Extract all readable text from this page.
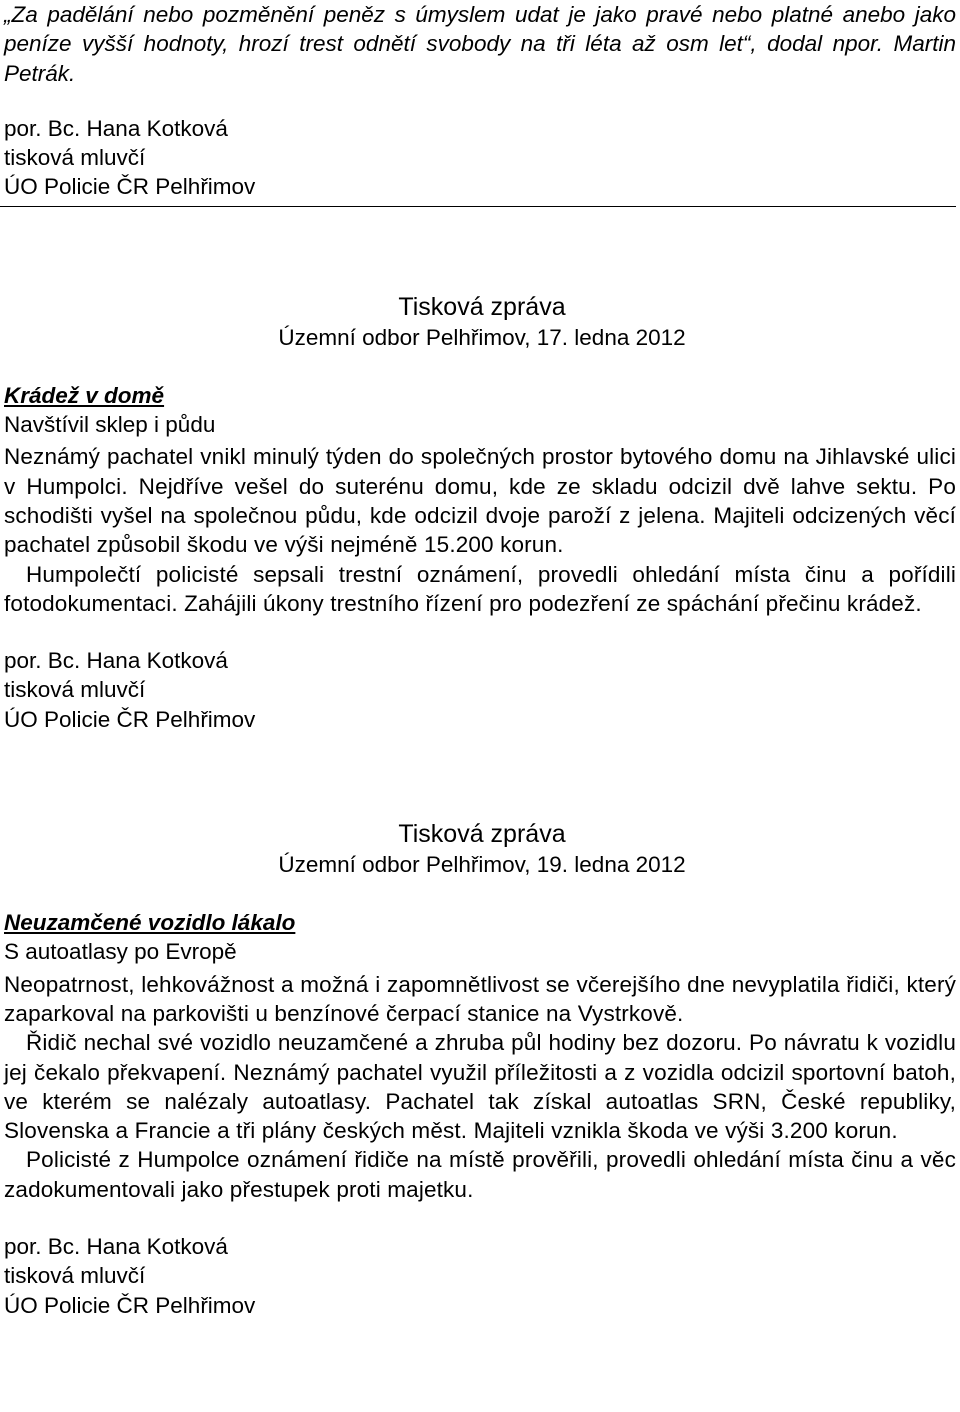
„Za padělání nebo pozměnění peněz s úmyslem udat je jako pravé nebo platné anebo jako peníze vyšší hodnoty, hrozí trest odnětí svobody na tři léta až osm let“, dodal npor. Martin Petrák.

por. Bc. Hana Kotková

tisková mluvčí

ÚO Policie ČR Pelhřimov

Tisková zpráva

Územní odbor Pelhřimov, 17. ledna 2012

Krádež v domě

Navštívil sklep i půdu

Neznámý pachatel vnikl minulý týden do společných prostor bytového domu na Jihlavské ulici v Humpolci. Nejdříve vešel do suterénu domu, kde ze skladu odcizil dvě lahve sektu. Po schodišti vyšel na společnou půdu, kde odcizil dvoje paroží z jelena. Majiteli odcizených věcí pachatel způsobil škodu ve výši nejméně 15.200 korun.

Humpolečtí policisté sepsali trestní oznámení, provedli ohledání místa činu a pořídili fotodokumentaci. Zahájili úkony trestního řízení pro podezření ze spáchání přečinu krádež.

por. Bc. Hana Kotková

tisková mluvčí

ÚO Policie ČR Pelhřimov

Tisková zpráva

Územní odbor Pelhřimov, 19. ledna 2012

Neuzamčené vozidlo lákalo

S autoatlasy po Evropě

Neopatrnost, lehkovážnost a možná i zapomnětlivost se včerejšího dne nevyplatila řidiči, který zaparkoval na parkovišti u benzínové čerpací stanice na Vystrkově.

Řidič nechal své vozidlo neuzamčené a zhruba půl hodiny bez dozoru. Po návratu k vozidlu jej čekalo překvapení. Neznámý pachatel využil příležitosti a z vozidla odcizil sportovní batoh, ve kterém se nalézaly autoatlasy. Pachatel tak získal autoatlas SRN, České republiky, Slovenska a Francie a tři plány českých měst. Majiteli vznikla škoda ve výši 3.200 korun.

Policisté z Humpolce oznámení řidiče na místě prověřili, provedli ohledání místa činu a věc zadokumentovali jako přestupek proti majetku.

por. Bc. Hana Kotková

tisková mluvčí

ÚO Policie ČR Pelhřimov
